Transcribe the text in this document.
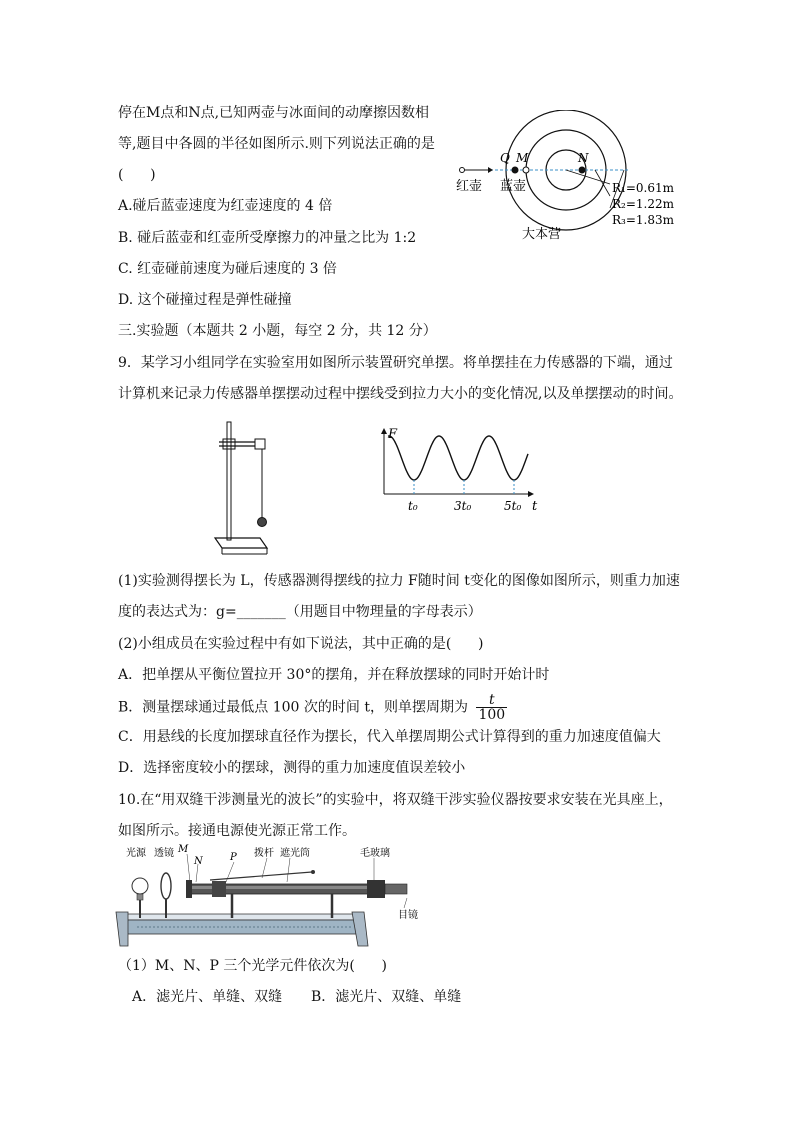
停在M点和N点,已知两壶与冰面间的动摩擦因数相
等,题目中各圆的半径如图所示.则下列说法正确的是
(      )
A.碰后蓝壶速度为红壶速度的 4 倍
B. 碰后蓝壶和红壶所受摩擦力的冲量之比为 1:2
C. 红壶碰前速度为碰后速度的 3 倍
D. 这个碰撞过程是弹性碰撞
Q M	N
红壶 蓝壶	R₁=0.61m
R₂=1.22m
R₃=1.83m
大本营
三.实验题（本题共 2 小题，每空 2 分，共 12 分）
9．某学习小组同学在实验室用如图所示装置研究单摆。将单摆挂在力传感器的下端，通过
计算机来记录力传感器单摆摆动过程中摆线受到拉力大小的变化情况,以及单摆摆动的时间。
F
t
t₀	3t₀	5t₀
(1)实验测得摆长为 L，传感器测得摆线的拉力 F随时间 t变化的图像如图所示，则重力加速
度的表达式为：g=_______（用题目中物理量的字母表示）
(2)小组成员在实验过程中有如下说法，其中正确的是(      )
A．把单摆从平衡位置拉开 30°的摆角，并在释放摆球的同时开始计时
B．测量摆球通过最低点 100 次的时间 t，则单摆周期为 $\frac{t}{100}$
C．用悬线的长度加摆球直径作为摆长，代入单摆周期公式计算得到的重力加速度值偏大
D．选择密度较小的摆球，测得的重力加速度值误差较小
10.在“用双缝干涉测量光的波长”的实验中，将双缝干涉实验仪器按要求安装在光具座上，
如图所示。接通电源使光源正常工作。
光源 透镜 M
N	P 拨杆 遮光筒	毛玻璃
目镜
（1）M、N、P 三个光学元件依次为(      )
A．滤光片、单缝、双缝 B．滤光片、双缝、单缝
